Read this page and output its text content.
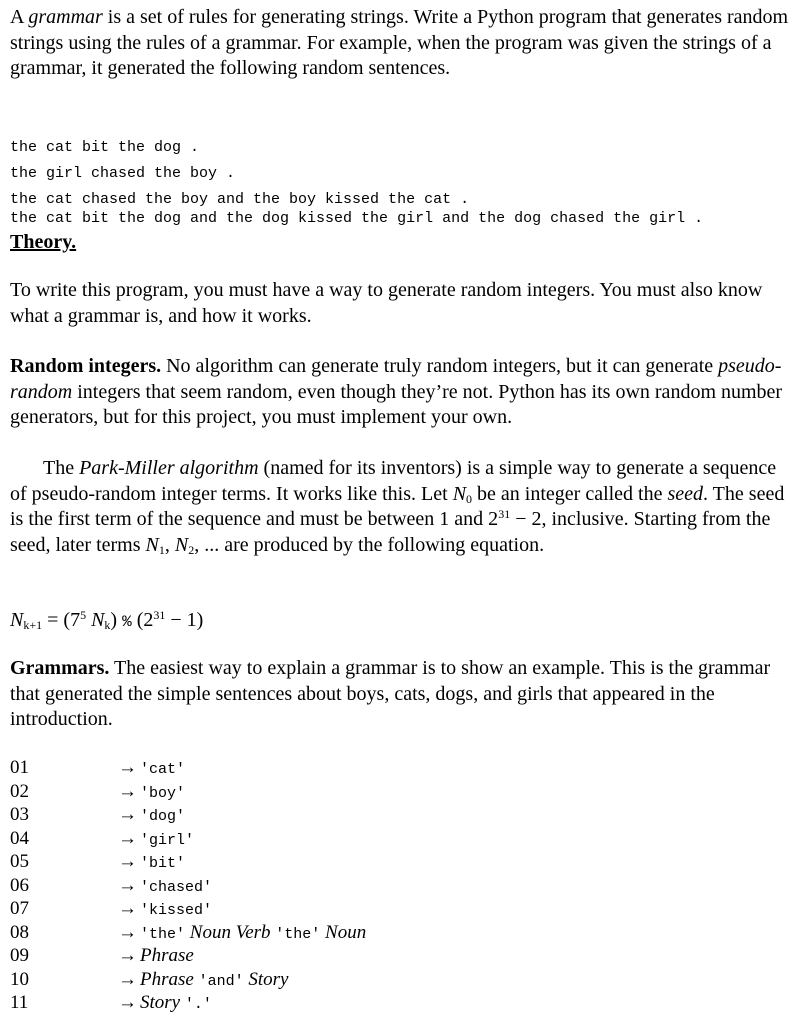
A grammar is a set of rules for generating strings. Write a Python program that generates random strings using the rules of a grammar. For example, when the program was given the strings of a grammar, it generated the following random sentences.
the cat bit the dog .
the girl chased the boy .
the cat chased the boy and the boy kissed the cat .
the cat bit the dog and the dog kissed the girl and the dog chased the girl .
Theory.
To write this program, you must have a way to generate random integers. You must also know what a grammar is, and how it works.
Random integers. No algorithm can generate truly random integers, but it can generate pseudo-random integers that seem random, even though they’re not. Python has its own random number generators, but for this project, you must implement your own.
The Park-Miller algorithm (named for its inventors) is a simple way to generate a sequence of pseudo-random integer terms. It works like this. Let $N_0$ be an integer called the seed. The seed is the first term of the sequence and must be between 1 and $2^{31} - 2$, inclusive. Starting from the seed, later terms $N_1$, $N_2$, ... are produced by the following equation.
$N_{k+1} = (7^5$ $N_k$) % $(2^{31} - 1)$
Grammars. The easiest way to explain a grammar is to show an example. This is the grammar that generated the simple sentences about boys, cats, dogs, and girls that appeared in the introduction.
01	→ 'cat'
02	→ 'boy'
03	→ 'dog'
04	→ 'girl'
05	→ 'bit'
06	→ 'chased'
07	→ 'kissed'
08	→ 'the' Noun Verb 'the' Noun
09	→ Phrase
10	→ Phrase 'and' Story
11	→ Story '.'
